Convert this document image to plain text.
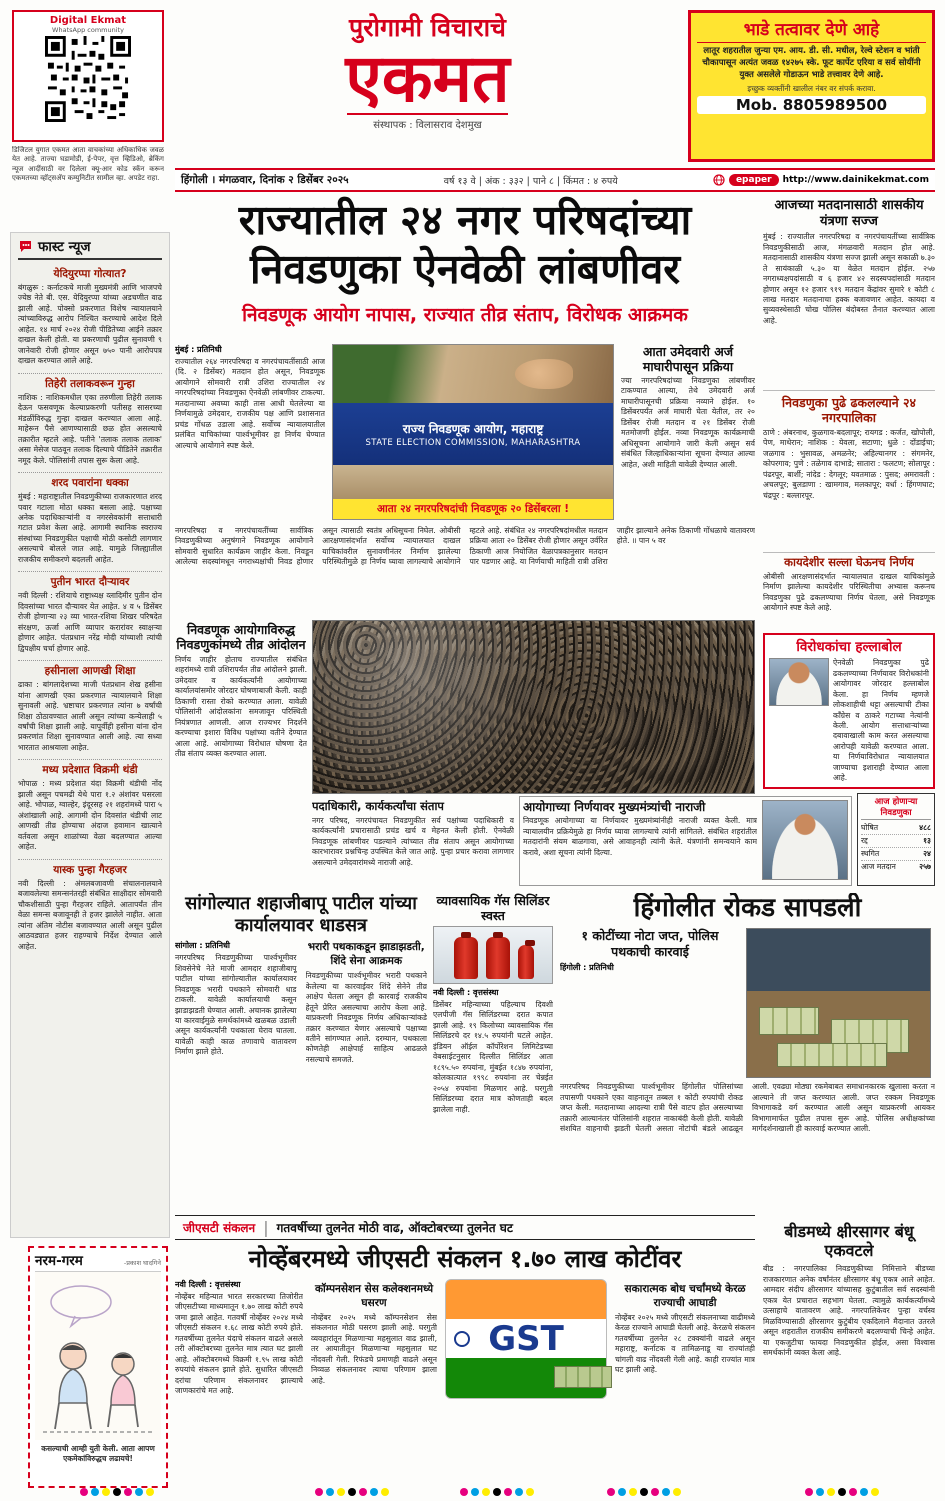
Digital Ekmat
WhatsApp community
डिजिटल युगात एकमत आता वाचकांच्या अधिकाधिक जवळ येत आहे. ताज्या घडामोडी, ई-पेपर, वृत्त व्हिडिओ, ब्रेकिंग न्यूज आदींसाठी वर दिलेला क्यू-आर कोड स्कॅन करून एकमतच्या व्हॉट्सॲप कम्युनिटीत सामील व्हा. अपडेट राहा.
पुरोगामी विचाराचे
एकमत
संस्थापक : विलासराव देशमुख
भाडे तत्वावर देणे आहे
लातूर शहरातील जुन्या एम. आय. डी. सी. मधील, रेल्वे स्टेशन व भांती चौकापासून अत्यंत जवळ १४२७५ स्के. फूट कार्पेट एरिया व सर्व सोयींनी युक्त असलेले गोडाऊन भाडे तत्त्वावर देणे आहे.
इच्छुक व्यक्तींनी खालील नंबर वर संपर्क करावा.
Mob. 8805989500
हिंगोली । मंगळवार, दिनांक २ डिसेंबर २०२५	वर्ष १३ वे | अंक : ३३२ | पाने ८ | किंमत : ४ रुपये	epaper	http://www.dainikekmat.com
फास्ट न्यूज
येदियुरप्पा गोत्यात?
बंगळुरू : कर्नाटकचे माजी मुख्यमंत्री आणि भाजपचे ज्येष्ठ नेते बी. एस. येदियुरप्पा यांच्या अडचणीत वाढ झाली आहे. पोक्सो प्रकरणात विशेष न्यायालयाने त्यांच्याविरुद्ध आरोप निश्चित करण्याचे आदेश दिले आहेत. १४ मार्च २०२४ रोजी पीडितेच्या आईने तक्रार दाखल केली होती. या प्रकरणाची पुढील सुनावणी ९ जानेवारी रोजी होणार असून ७५० पानी आरोपपत्र दाखल करण्यात आले आहे.
तिहेरी तलाकवरून गुन्हा
नाशिक : नाशिकमधील एका तरुणीला तिहेरी तलाक देऊन फसवणूक केल्याप्रकरणी पतीसह सासरच्या मंडळींविरुद्ध गुन्हा दाखल करण्यात आला आहे. माहेरून पैसे आणण्यासाठी छळ होत असल्याचे तक्रारीत म्हटले आहे. पतीने 'तलाक तलाक तलाक' असा मेसेज पाठवून तलाक दिल्याचे पीडितेने तक्रारीत नमूद केले. पोलिसांनी तपास सुरू केला आहे.
शरद पवारांना धक्का
मुंबई : महाराष्ट्रातील निवडणुकीच्या राजकारणात शरद पवार गटाला मोठा धक्का बसला आहे. पक्षाच्या अनेक पदाधिकाऱ्यांनी व नगरसेवकांनी सत्ताधारी गटात प्रवेश केला आहे. आगामी स्थानिक स्वराज्य संस्थांच्या निवडणुकीत पक्षाची मोठी कसोटी लागणार असल्याचे बोलले जात आहे. यामुळे जिल्ह्यातील राजकीय समीकरणे बदलली आहेत.
पुतीन भारत दौऱ्यावर
नवी दिल्ली : रशियाचे राष्ट्राध्यक्ष व्लादिमीर पुतीन दोन दिवसांच्या भारत दौऱ्यावर येत आहेत. ४ व ५ डिसेंबर रोजी होणाऱ्या २३ व्या भारत-रशिया शिखर परिषदेत संरक्षण, ऊर्जा आणि व्यापार करारांवर स्वाक्षऱ्या होणार आहेत. पंतप्रधान नरेंद्र मोदी यांच्याशी त्यांची द्विपक्षीय चर्चा होणार आहे.
हसीनाला आणखी शिक्षा
ढाका : बांगलादेशच्या माजी पंतप्रधान शेख हसीना यांना आणखी एका प्रकरणात न्यायालयाने शिक्षा सुनावली आहे. भ्रष्टाचार प्रकरणात त्यांना ७ वर्षांची शिक्षा ठोठावण्यात आली असून त्यांच्या कन्येलाही ५ वर्षांची शिक्षा झाली आहे. यापूर्वीही हसीना यांना दोन प्रकरणांत शिक्षा सुनावण्यात आली आहे. त्या सध्या भारतात आश्रयाला आहेत.
मध्य प्रदेशात विक्रमी थंडी
भोपाळ : मध्य प्रदेशात यंदा विक्रमी थंडीची नोंद झाली असून पचमढी येथे पारा १.२ अंशांवर घसरला आहे. भोपाळ, ग्वाल्हेर, इंदूरसह २१ शहरांमध्ये पारा ५ अंशांखाली आहे. आगामी दोन दिवसांत थंडीची लाट आणखी तीव्र होण्याचा अंदाज हवामान खात्याने वर्तवला असून शाळांच्या वेळा बदलण्यात आल्या आहेत.
यास्क पुन्हा गैरहजर
नवी दिल्ली : अंमलबजावणी संचालनालयाने बजावलेल्या समन्सनंतरही संबंधित साक्षीदार सोमवारी चौकशीसाठी पुन्हा गैरहजर राहिले. आतापर्यंत तीन वेळा समन्स बजावूनही ते हजर झालेले नाहीत. आता त्यांना अंतिम नोटीस बजावण्यात आली असून पुढील आठवड्यात हजर राहण्याचे निर्देश देण्यात आले आहेत.
राज्यातील २४ नगर परिषदांच्या निवडणुका ऐनवेळी लांबणीवर
निवडणूक आयोग नापास, राज्यात तीव्र संताप, विरोधक आक्रमक
मुंबई : प्रतिनिधी
राज्यातील २६४ नगरपरिषदा व नगरपंचायतींसाठी आज (दि. २ डिसेंबर) मतदान होत असून, निवडणूक आयोगाने सोमवारी रात्री उशिरा राज्यातील २४ नगरपरिषदांच्या निवडणुका ऐनवेळी लांबणीवर टाकल्या. मतदानाच्या अवघ्या काही तास आधी घेतलेल्या या निर्णयामुळे उमेदवार, राजकीय पक्ष आणि प्रशासनात प्रचंड गोंधळ उडाला आहे. सर्वोच्च न्यायालयातील प्रलंबित याचिकांच्या पार्श्वभूमीवर हा निर्णय घेण्यात आल्याचे आयोगाने स्पष्ट केले.
राज्य निवडणूक आयोग, महाराष्ट्र
STATE ELECTION COMMISSION, MAHARASHTRA
आता २४ नगरपरिषदांची निवडणूक २० डिसेंबरला !
आता उमेदवारी अर्ज माघारीपासून प्रक्रिया
ज्या नगरपरिषदांच्या निवडणुका लांबणीवर टाकण्यात आल्या, तेथे उमेदवारी अर्ज माघारीपासूनची प्रक्रिया नव्याने होईल. १० डिसेंबरपर्यंत अर्ज माघारी घेता येतील, तर २० डिसेंबर रोजी मतदान व २१ डिसेंबर रोजी मतमोजणी होईल. नव्या निवडणूक कार्यक्रमाची अधिसूचना आयोगाने जारी केली असून सर्व संबंधित जिल्हाधिकाऱ्यांना सूचना देण्यात आल्या आहेत, अशी माहिती यावेळी देण्यात आली.
नगरपरिषदा व नगरपंचायतींच्या सार्वत्रिक निवडणुकीच्या अनुषंगाने निवडणूक आयोगाने सोमवारी सुधारित कार्यक्रम जाहीर केला. निवडून आलेल्या सदस्यांमधून नगराध्यक्षांची निवड होणार असून त्यासाठी स्वतंत्र अधिसूचना निघेल. ओबीसी आरक्षणासंदर्भात सर्वोच्च न्यायालयात दाखल याचिकांवरील सुनावणीनंतर निर्माण झालेल्या परिस्थितीमुळे हा निर्णय घ्यावा लागल्याचे आयोगाने म्हटले आहे. संबंधित २४ नगरपरिषदांमधील मतदान प्रक्रिया आता २० डिसेंबर रोजी होणार असून उर्वरित ठिकाणी आज नियोजित वेळापत्रकानुसार मतदान पार पडणार आहे. या निर्णयाची माहिती रात्री उशिरा जाहीर झाल्याने अनेक ठिकाणी गोंधळाचे वातावरण होते. ॥ पान ५ वर
निवडणूक आयोगाविरुद्ध निवडणुकांमध्ये तीव्र आंदोलन
निर्णय जाहीर होताच राज्यातील संबंधित शहरांमध्ये रात्री उशिरापर्यंत तीव्र आंदोलने झाली. उमेदवार व कार्यकर्त्यांनी आयोगाच्या कार्यालयांसमोर जोरदार घोषणाबाजी केली. काही ठिकाणी रास्ता रोको करण्यात आला. यावेळी पोलिसांनी आंदोलकांना समजावून परिस्थिती नियंत्रणात आणली. आज राज्यभर निदर्शने करण्याचा इशारा विविध पक्षांच्या वतीने देण्यात आला आहे. आयोगाच्या विरोधात घोषणा देत तीव्र संताप व्यक्त करण्यात आला.
पदाधिकारी, कार्यकर्त्यांचा संताप
नगर परिषद, नगरपंचायत निवडणुकीत सर्व पक्षांच्या पदाधिकारी व कार्यकर्त्यांनी प्रचारासाठी प्रचंड खर्च व मेहनत केली होती. ऐनवेळी निवडणूक लांबणीवर पडल्याने त्यांच्यात तीव्र संताप असून आयोगाच्या कारभारावर प्रश्नचिन्ह उपस्थित केले जात आहे. पुन्हा प्रचार करावा लागणार असल्याने उमेदवारांमध्ये नाराजी आहे.
आयोगाच्या निर्णयावर मुख्यमंत्र्यांची नाराजी
निवडणूक आयोगाच्या या निर्णयावर मुख्यमंत्र्यांनीही नाराजी व्यक्त केली. मात्र न्यायालयीन प्रक्रियेमुळे हा निर्णय घ्यावा लागल्याचे त्यांनी सांगितले. संबंधित शहरांतील मतदारांनी संयम बाळगावा, असे आवाहनही त्यांनी केले. यंत्रणांनी समन्वयाने काम करावे, अशा सूचना त्यांनी दिल्या.
आज होणाऱ्या निवडणुका
घोषित	४८८
रद्द	१३
स्थगित	२४
आज मतदान	२५७
आजच्या मतदानासाठी शासकीय यंत्रणा सज्ज
मुंबई : राज्यातील नगरपरिषदा व नगरपंचायतींच्या सार्वत्रिक निवडणुकीसाठी आज, मंगळवारी मतदान होत आहे. मतदानासाठी शासकीय यंत्रणा सज्ज झाली असून सकाळी ७.३० ते सायंकाळी ५.३० या वेळेत मतदान होईल. २५७ नगराध्यक्षपदांसाठी व ६ हजार ४२ सदस्यपदांसाठी मतदान होणार असून १२ हजार ९१९ मतदान केंद्रांवर सुमारे १ कोटी ८ लाख मतदार मतदानाचा हक्क बजावणार आहेत. कायदा व सुव्यवस्थेसाठी चोख पोलिस बंदोबस्त तैनात करण्यात आला आहे.
निवडणुका पुढे ढकलल्याने २४ नगरपालिका
ठाणे : अंबरनाथ, कुळगाव-बदलापूर; रायगड : कर्जत, खोपोली, पेण, माथेरान; नाशिक : येवला, सटाणा; धुळे : दोंडाईचा; जळगाव : भुसावळ, अमळनेर; अहिल्यानगर : संगमनेर, कोपरगाव; पुणे : तळेगाव दाभाडे; सातारा : फलटण; सोलापूर : पंढरपूर, बार्शी; नांदेड : देगलूर; यवतमाळ : पुसद; अमरावती : अचलपूर; बुलडाणा : खामगाव, मलकापूर; वर्धा : हिंगणघाट; चंद्रपूर : बल्लारपूर.
कायदेशीर सल्ला घेऊनच निर्णय
ओबीसी आरक्षणासंदर्भात न्यायालयात दाखल याचिकांमुळे निर्माण झालेल्या कायदेशीर परिस्थितीचा अभ्यास करूनच निवडणुका पुढे ढकलण्याचा निर्णय घेतला, असे निवडणूक आयोगाने स्पष्ट केले आहे.
विरोधकांचा हल्लाबोल
ऐनवेळी निवडणुका पुढे ढकलण्याच्या निर्णयावर विरोधकांनी आयोगावर जोरदार हल्लाबोल केला. हा निर्णय म्हणजे लोकशाहीची थट्टा असल्याची टीका काँग्रेस व ठाकरे गटाच्या नेत्यांनी केली. आयोग सत्ताधाऱ्यांच्या दबावाखाली काम करत असल्याचा आरोपही यावेळी करण्यात आला. या निर्णयाविरोधात न्यायालयात जाण्याचा इशाराही देण्यात आला आहे.
सांगोल्यात शहाजीबापू पाटील यांच्या कार्यालयावर धाडसत्र
सांगोला : प्रतिनिधी
नगरपरिषद निवडणुकीच्या पार्श्वभूमीवर शिवसेनेचे नेते माजी आमदार शहाजीबापू पाटील यांच्या सांगोल्यातील कार्यालयावर निवडणूक भरारी पथकाने सोमवारी धाड टाकली. यावेळी कार्यालयाची कसून झाडाझडती घेण्यात आली. अचानक झालेल्या या कारवाईमुळे समर्थकांमध्ये खळबळ उडाली असून कार्यकर्त्यांनी पथकाला घेराव घातला. यावेळी काही काळ तणावाचे वातावरण निर्माण झाले होते.
भरारी पथकाकडून झाडाझडती, शिंदे सेना आक्रमक
निवडणुकीच्या पार्श्वभूमीवर भरारी पथकाने केलेल्या या कारवाईवर शिंदे सेनेने तीव्र आक्षेप घेतला असून ही कारवाई राजकीय हेतूने प्रेरित असल्याचा आरोप केला आहे. याप्रकरणी निवडणूक निर्णय अधिकाऱ्यांकडे तक्रार करण्यात येणार असल्याचे पक्षाच्या वतीने सांगण्यात आले. दरम्यान, पथकाला कोणतेही आक्षेपार्ह साहित्य आढळले नसल्याचे समजते.
व्यावसायिक गॅस सिलिंडर स्वस्त
नवी दिल्ली : वृत्तसंस्था
डिसेंबर महिन्याच्या पहिल्याच दिवशी एलपीजी गॅस सिलिंडरच्या दरात कपात झाली आहे. १९ किलोच्या व्यावसायिक गॅस सिलिंडरचे दर १४.५ रुपयांनी घटले आहेत. इंडियन ऑईल कॉर्पोरेशन लिमिटेडच्या वेबसाईटनुसार दिल्लीत सिलिंडर आता १८९५.५० रुपयांना, मुंबईत १८४७ रुपयांना, कोलकात्यात १९९८ रुपयांना तर चेन्नईत २०५४ रुपयांना मिळणार आहे. घरगुती सिलिंडरच्या दरात मात्र कोणताही बदल झालेला नाही.
हिंगोलीत रोकड सापडली
१ कोटींच्या नोटा जप्त, पोलिस पथकाची कारवाई
हिंगोली : प्रतिनिधी
नगरपरिषद निवडणुकीच्या पार्श्वभूमीवर हिंगोलीत पोलिसांच्या तपासणी पथकाने एका वाहनातून तब्बल १ कोटी रुपयांची रोकड जप्त केली. मतदानाच्या आदल्या रात्री पैसे वाटप होत असल्याच्या तक्रारी आल्यानंतर पोलिसांनी शहरात नाकाबंदी केली होती. यावेळी संशयित वाहनाची झडती घेतली असता नोटांची बंडले आढळून आली. एवढ्या मोठ्या रकमेबाबत समाधानकारक खुलासा करता न आल्याने ती जप्त करण्यात आली. जप्त रक्कम निवडणूक विभागाकडे वर्ग करण्यात आली असून याप्रकरणी आयकर विभागामार्फत पुढील तपास सुरू आहे. पोलिस अधीक्षकांच्या मार्गदर्शनाखाली ही कारवाई करण्यात आली.
जीएसटी संकलन | गतवर्षीच्या तुलनेत मोठी वाढ, ऑक्टोबरच्या तुलनेत घट
नोव्हेंबरमध्ये जीएसटी संकलन १.७० लाख कोटींवर
नवी दिल्ली : वृत्तसंस्था
नोव्हेंबर महिन्यात भारत सरकारच्या तिजोरीत जीएसटीच्या माध्यमातून १.७० लाख कोटी रुपये जमा झाले आहेत. गतवर्षी नोव्हेंबर २०२४ मध्ये जीएसटी संकलन १.६८ लाख कोटी रुपये होते. गतवर्षीच्या तुलनेत यंदाचे संकलन वाढले असले तरी ऑक्टोबरच्या तुलनेत मात्र त्यात घट झाली आहे. ऑक्टोबरमध्ये विक्रमी १.९५ लाख कोटी रुपयांचे संकलन झाले होते. सुधारित जीएसटी दरांचा परिणाम संकलनावर झाल्याचे जाणकारांचे मत आहे.
कॉम्पनसेशन सेस कलेक्शनमध्ये घसरण
नोव्हेंबर २०२५ मध्ये कॉम्पनसेशन सेस संकलनात मोठी घसरण झाली आहे. घरगुती व्यवहारांतून मिळणाऱ्या महसुलात वाढ झाली, तर आयातीतून मिळणाऱ्या महसुलात घट नोंदवली गेली. रिफंडचे प्रमाणही वाढले असून निव्वळ संकलनावर त्याचा परिणाम झाला आहे.
GST
सकारात्मक बोध चर्चांमध्ये केरळ राज्याची आघाडी
नोव्हेंबर २०२५ मध्ये जीएसटी संकलनाच्या वाढीमध्ये केरळ राज्याने आघाडी घेतली आहे. केरळचे संकलन गतवर्षीच्या तुलनेत २८ टक्क्यांनी वाढले असून महाराष्ट्र, कर्नाटक व तामिळनाडू या राज्यांतही चांगली वाढ नोंदवली गेली आहे. काही राज्यांत मात्र घट झाली आहे.
बीडमध्ये क्षीरसागर बंधू एकवटले
बीड : नगरपालिका निवडणुकीच्या निमित्ताने बीडच्या राजकारणात अनेक वर्षांनंतर क्षीरसागर बंधू एकत्र आले आहेत. आमदार संदीप क्षीरसागर यांच्यासह कुटुंबातील सर्व सदस्यांनी एकत्र येत प्रचारात सहभाग घेतला. त्यामुळे कार्यकर्त्यांमध्ये उत्साहाचे वातावरण आहे. नगरपालिकेवर पुन्हा वर्चस्व मिळविण्यासाठी क्षीरसागर कुटुंबीय एकदिलाने मैदानात उतरले असून शहरातील राजकीय समीकरणे बदलण्याची चिन्हे आहेत. या एकजुटीचा फायदा निवडणुकीत होईल, असा विश्वास समर्थकांनी व्यक्त केला आहे.
नरम-गरम	-प्रकाश घादगिने
कसल्याची आम्ही युती केली. आता आपण एकमेकांविरुद्धच लढायचे!
